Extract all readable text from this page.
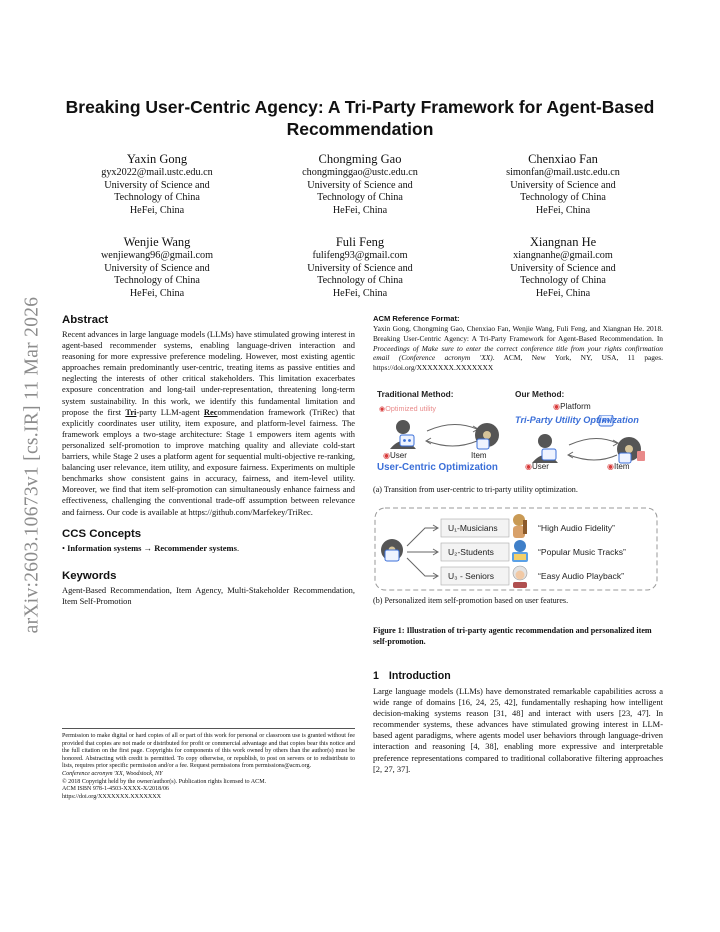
arXiv:2603.10673v1 [cs.IR] 11 Mar 2026
Breaking User-Centric Agency: A Tri-Party Framework for Agent-Based Recommendation
Yaxin Gong
gyx2022@mail.ustc.edu.cn
University of Science and
Technology of China
HeFei, China
Chongming Gao
chongminggao@ustc.edu.cn
University of Science and
Technology of China
HeFei, China
Chenxiao Fan
simonfan@mail.ustc.edu.cn
University of Science and
Technology of China
HeFei, China
Wenjie Wang
wenjiewang96@gmail.com
University of Science and
Technology of China
HeFei, China
Fuli Feng
fulifeng93@gmail.com
University of Science and
Technology of China
HeFei, China
Xiangnan He
xiangnanhe@gmail.com
University of Science and
Technology of China
HeFei, China
Abstract

Recent advances in large language models (LLMs) have stimulated growing interest in agent-based recommender systems, enabling language-driven interaction and reasoning for more expressive preference modeling. However, most existing agentic approaches remain predominantly user-centric, treating items as passive entities and neglecting the interests of other critical stakeholders. This limitation exacerbates exposure concentration and long-tail under-representation, threatening long-term system sustainability. In this work, we identify this fundamental limitation and propose the first Tri-party LLM-agent Recommendation framework (TriRec) that explicitly coordinates user utility, item exposure, and platform-level fairness. The framework employs a two-stage architecture: Stage 1 empowers item agents with personalized self-promotion to improve matching quality and alleviate cold-start barriers, while Stage 2 uses a platform agent for sequential multi-objective re-ranking, balancing user relevance, item utility, and exposure fairness. Experiments on multiple benchmarks show consistent gains in accuracy, fairness, and item-level utility. Moreover, we find that item self-promotion can simultaneously enhance fairness and effectiveness, challenging the conventional trade-off assumption between relevance and fairness. Our code is available at https://github.com/Marfekey/TriRec.

CCS Concepts

• Information systems → Recommender systems.

Keywords

Agent-Based Recommendation, Item Agency, Multi-Stakeholder Recommendation, Item Self-Promotion

Permission to make digital or hard copies of all or part of this work for personal or classroom use is granted without fee provided that copies are not made or distributed for profit or commercial advantage and that copies bear this notice and the full citation on the first page. Copyrights for components of this work owned by others than the author(s) must be honored. Abstracting with credit is permitted. To copy otherwise, or republish, to post on servers or to redistribute to lists, requires prior specific permission and/or a fee. Request permissions from permissions@acm.org.

Conference acronym 'XX, Woodstock, NY

© 2018 Copyright held by the owner/author(s). Publication rights licensed to ACM.

ACM ISBN 978-1-4503-XXXX-X/2018/06

https://doi.org/XXXXXXX.XXXXXXX

ACM Reference Format:

Yaxin Gong, Chongming Gao, Chenxiao Fan, Wenjie Wang, Fuli Feng, and Xiangnan He. 2018. Breaking User-Centric Agency: A Tri-Party Framework for Agent-Based Recommendation. In Proceedings of Make sure to enter the correct conference title from your rights confirmation email (Conference acronym 'XX). ACM, New York, NY, USA, 11 pages. https://doi.org/XXXXXXX.XXXXXXX

Traditional Method:	Our Method:
◉Optimized utility	◉Platform
Tri-Party Utility Optimization
◉User	Item
User-Centric Optimization	◉User	◉Item

(a) Transition from user-centric to tri-party utility optimization.

U₁-Musicians
U₂-Students
U₃ - Seniors
“High Audio Fidelity”
“Popular Music Tracks”
“Easy Audio Playback”

(b) Personalized item self-promotion based on user features.

Figure 1: Illustration of tri-party agentic recommendation and personalized item self-promotion.

1 Introduction

Large language models (LLMs) have demonstrated remarkable capabilities across a wide range of domains [16, 24, 25, 42], fundamentally reshaping how intelligent decision-making systems reason [31, 48] and interact with users [23, 47]. In recommender systems, these advances have stimulated growing interest in LLM-based agent paradigms, where agents model user behaviors through language-driven interaction and reasoning [4, 38], enabling more expressive and interpretable preference representations compared to traditional collaborative filtering approaches [2, 27, 37].
